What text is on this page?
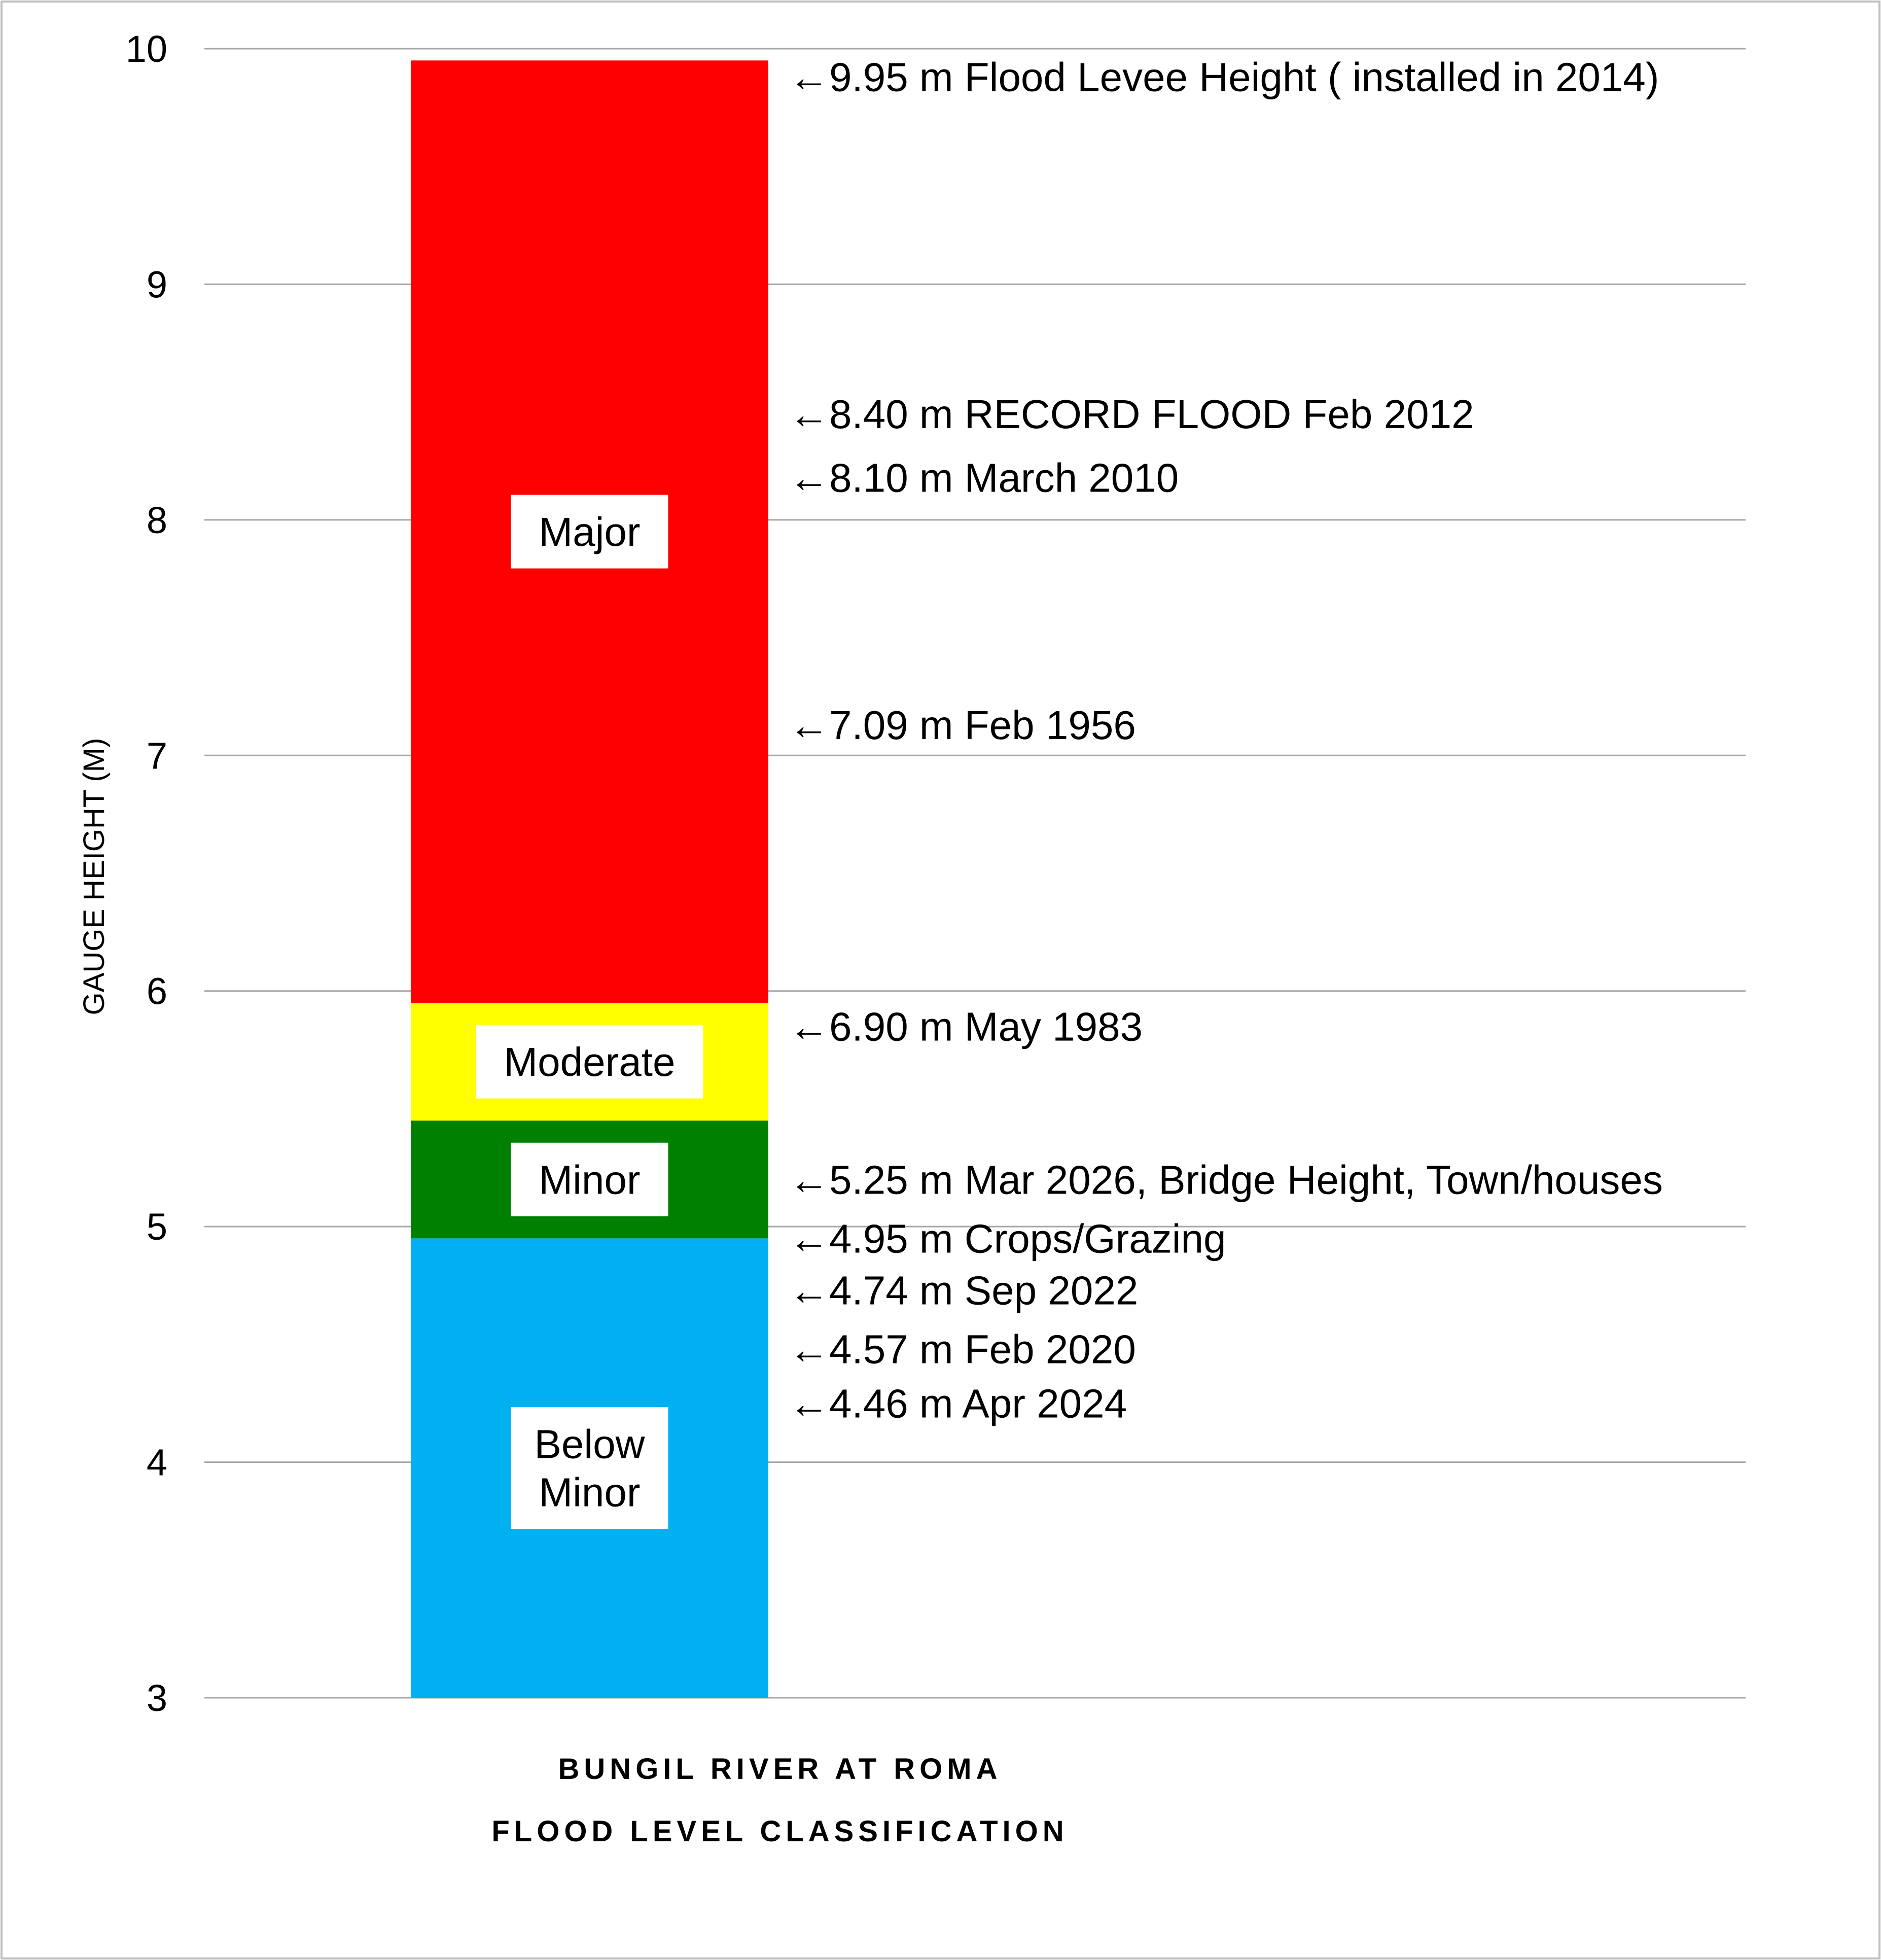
3
4
5
6
7
8
9
10
Below
Minor
Minor
Moderate
Major
←9.95 m Flood Levee Height ( installed in 2014)
←8.40 m RECORD FLOOD Feb 2012
←8.10 m March 2010
←7.09 m Feb 1956
←6.90 m May 1983
←5.25 m Mar 2026, Bridge Height, Town/houses
←4.95 m Crops/Grazing
←4.74 m Sep 2022
←4.57 m Feb 2020
←4.46 m Apr 2024
GAUGE HEIGHT (M)
BUNGIL RIVER AT ROMA
FLOOD LEVEL CLASSIFICATION
